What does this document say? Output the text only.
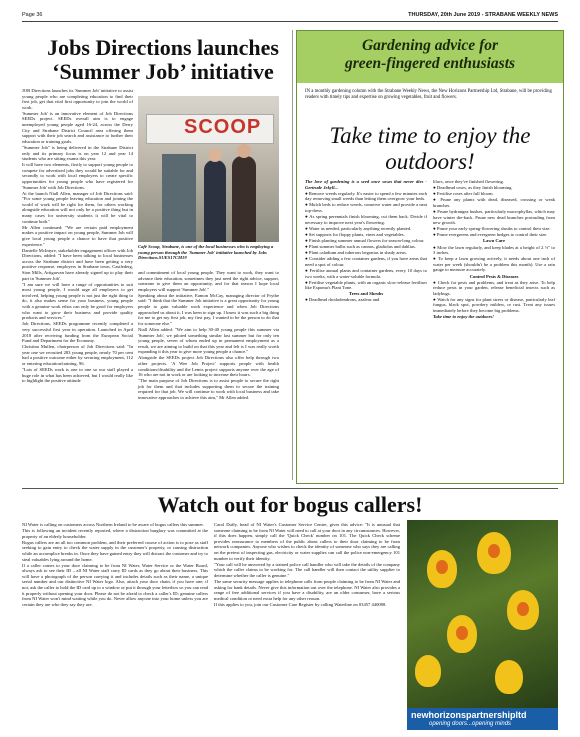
Page 36	THURSDAY, 20th June 2019 - STRABANE WEEKLY NEWS
Jobs Directions launches
‘Summer Job’ initiative

JOB Directions launches its 'Summer Job' initiative to assist young people who are completing education to find their first job, get that vital first opportunity to join the world of work.

'Summer Job' is an innovative element of Job Directions SEEDs project. SEEDs overall aim is to engage unemployed young people aged 16-24, across the Derry City and Strabane District Council area offering them support with their job search and assistance to further their education or training goals.

"Summer Job" is being delivered in the Strabane District only and its primary focus is on year 12 and year 14 students who are sitting exams this year.

It will have two elements, firstly to support young people to compete for advertised jobs they would be suitable for and secondly to work with local employers to create specific opportunities for young people who have registered for 'Summer Job' with Job Directions.

At the launch Niall Allen, manager of Job Directions said: "For some young people leaving education and joining the world of work will be right for them, for others working alongside education will not only be a positive thing but in many cases for university students it will be vital to continue both."

Mr Allen continued: "We are certain paid employment makes a positive impact on young people, Summer Job will give local young people a chance to have that positive experience."

Danielle McIntyre, stakeholder engagement officer with Job Directions, added: "I have been talking to local businesses across the Strabane district and have been getting a very positive response, employers in Strabane town, Castlederg, Sion Mills, Artigarvan have already signed up to play their part in 'Summer Job'.

"I am sure we will have a range of opportunities to suit most young people, I would urge all employers to get involved, helping young people is not just the right thing to do, it also makes sense for your business, young people with a genuine work ethos can only be good for employers who want to grow their business and provide quality products and services."

Job Directions, SEEDs programme recently completed a very successful first year in operation. Launched in April 2018 after receiving funding from the European Social Fund and Department for the Economy.

Christina Mullen, chairperson of Job Directions said: "In year one we recruited 283 young people, nearly 70 per cent had a positive outcome either by securing employment, 112 or entering education/training, 96.

"Lots of SEEDs work is one to one so our staff played a huge role in what has been achieved, but I would really like to highlight the positive attitude

SCOOP
Cafè Scoop, Strabane, is one of the local businesses who is employing a young person through the 'Summer Job' initiative launched by Jobs Directions.SUES17CM19

and commitment of local young people. They want to work, they want to advance their education, sometimes they just need the right advice, support, someone to give them an opportunity, and for that reason I hope local employers will support 'Summer Job'."

Speaking about the initiative, Eamon McCay, managing director of Frythe said: "I think that the Summer Job initiative is a great opportunity for young people to gain valuable work experience and when Job Directions approached us about it, I was keen to sign up. I know it was such a big thing for me to get my first job, my first pay, I wanted to be the person to do that for someone else."

Niall Allen added: "We aim to help 30-40 young people this summer via 'Summer Job', we piloted something similar last summer but for only ten young people, seven of whom ended up in permanent employment as a result, we are aiming to build on that this year and felt is I was really worth expanding it this year to give more young people a chance."

Alongside the SEEDs project Job Directions also offer help through two other projects. 'A Wee Job Project' supports people with health conditions/disability and the Lemis project supports anyone over the age of 16 who are not in work or are looking to increase their hours.

"The main purpose of Job Directions is to assist people to secure the right job for them and that includes supporting them to secure the training required for that job. We will continue to work with local business and take innovative approaches to achieve this aim," Mr Allen added.

Gardening advice for
green-fingered enthusiasts
IN a monthly gardening column with the Strabane Weekly News, the New Horizons Partnership Ltd, Strabane, will be providing readers with timely tips and expertise on growing vegetables, fruit and flowers.
Take time to enjoy the
outdoors!

The love of gardening is a seed once sown that never dies - Gertrude Jekyll...

● Remove weeds regularly. It's easier to spend a few minutes each day removing small weeds than letting them overgrow your beds.

● Mulch beds to reduce weeds, conserve water and provide a neat top-dress.

● As spring perennials finish blooming, cut them back. Divide if necessary to improve next year's flowering.

● Water as needed, particularly anything recently planted.

● Set supports for floppy plants, vines and vegetables.

● Finish planting summer annual flowers for season-long colour.

● Plant summer bulbs such as cannas, gladiolus and dahlias.

● Plant caladium and tuberous begonias in shady areas.

● Consider adding a few container gardens, if you have areas that need a spot of colour.

● Fertilise annual plants and container gardens, every 10 days to two weeks, with a water-soluble formula.

● Fertilise vegetable plants, with an organic slow-release fertiliser like Espoma's Plant Tone.

Trees and Shrubs

● Deadhead rhododendrons, azaleas and

lilacs, once they've finished flowering.

● Deadhead roses, as they finish blooming.

● Fertilise roses after full bloom.

● Prune any plants with dead, diseased, crossing or weak branches.

● Prune hydrangea bushes, particularly macrophyllas, which may have winter die-back. Prune new dead branches protruding from new growth.

● Prune your early spring-flowering shrubs to control their size.

● Prune evergreens and evergreen hedges to control their size.

Lawn Care

● Mow the lawn regularly, and keep blades at a height of 2 ½" to 3 inches.

● To keep a lawn growing actively, it needs about one inch of water per week (shouldn't be a problem this month). Use a rain gauge to measure accurately.

Control Pests & Diseases

● Check for pests and problems, and treat as they arise. To help reduce pests in your garden, release beneficial insects such as ladybugs.

● Watch for any signs for plant stress or disease, particularly leaf fungus, black spot, powdery mildew, or rust. Treat any issues immediately before they become big problems.

Take time to enjoy the outdoors!

Watch out for bogus callers!

NI Water is calling on customers across Northern Ireland to be aware of bogus callers this summer.

This is following an incident recently reported, where a distraction burglary was committed at the property of an elderly householder.

Bogus callers are an all too common problem, and their preferred course of action is to pose as staff seeking to gain entry to check the water supply in the customer's property, or causing distraction while an accomplice breaks in. Once they have gained entry they will distract the customer and try to steal valuables lying around the home.

If a caller comes to your door claiming to be from NI Water, Water Service or the Water Board, always ask to see their ID – all NI Water staff carry ID cards as they go about their business. This will have a photograph of the person carrying it and includes details such as their name, a unique serial number and our distinctive NI Water logo. Also, attach your door chain, if you have one; if not, ask the caller to hold the ID card up to a window or put it through your letterbox so you can read it properly without opening your door. Please do not be afraid to check a caller's ID; genuine callers from NI Water won't mind waiting while you do. Never allow anyone into your home unless you are certain they are who they say they are.

Carol Duffy, head of NI Water's Customer Service Centre, gives this advice: "It is unusual that someone claiming to be from NI Water will need to call at your door in any circumstances. However, if this does happen, simply call the 'Quick Check' number on 101. The Quick Check scheme provides reassurance to members of the public about callers to their door claiming to be from network companies. Anyone who wishes to check the identity of someone who says they are calling on the pretext of inspecting gas, electricity or water supplies can call the police non-emergency 101 number to verify their identity.

"Your call will be answered by a trained police call handler who will take the details of the company which the caller claims to be working for. The call handler will then contact the utility supplier to determine whether the caller is genuine."

The same security message applies to telephone calls from people claiming to be from NI Water and asking for bank details. Never give this information out over the telephone. NI Water also provides a range of free additional services if you have a disability, are an older consumer, have a serious medical condition or need extra help for any other reason.

If this applies to you, join our Customer Care Register by calling Waterline on 03457 440088.

newhorizonspartnershipltd
opening doors...opening minds
